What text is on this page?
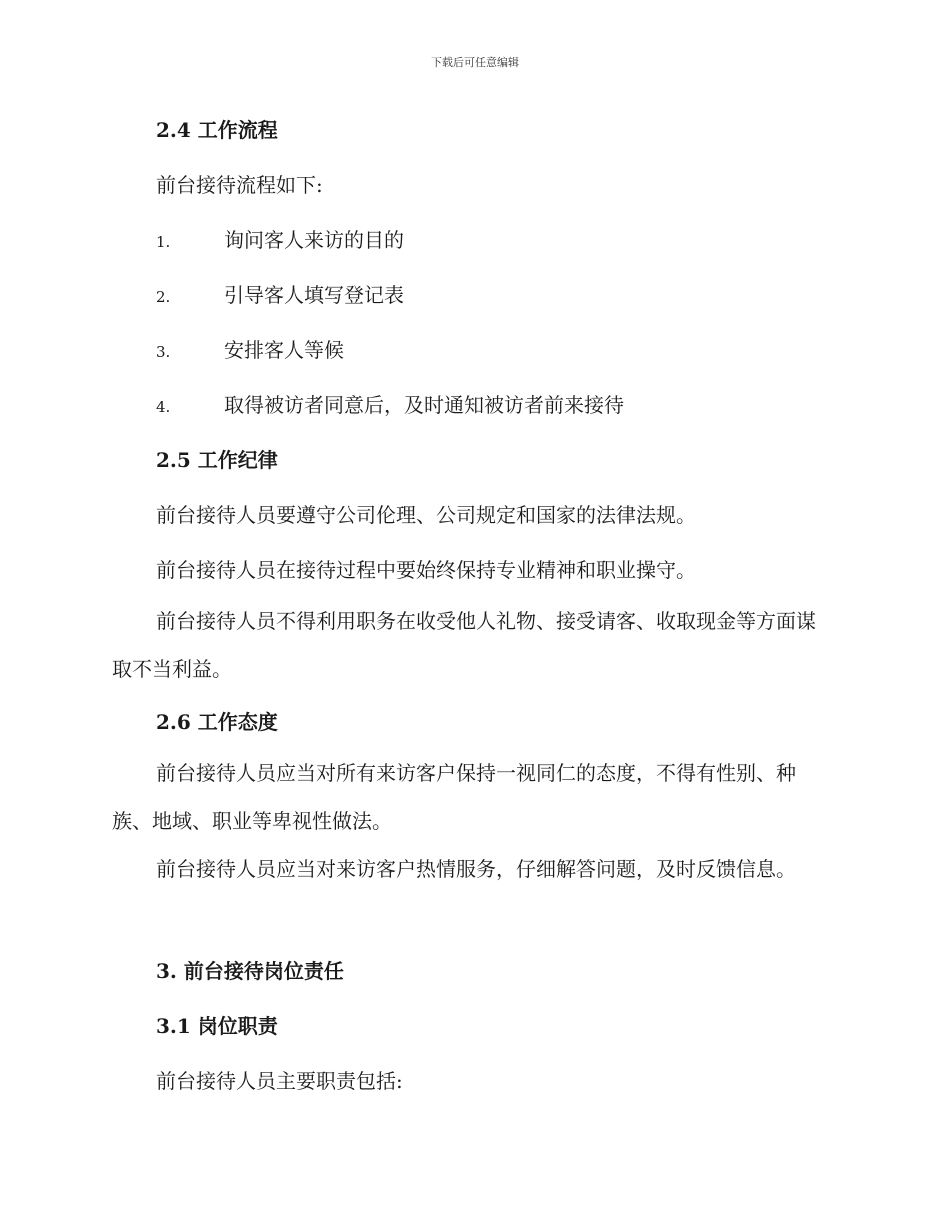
下载后可任意编辑
2.4 工作流程
前台接待流程如下:
1.	询问客人来访的目的
2.	引导客人填写登记表
3.	安排客人等候
4.	取得被访者同意后，及时通知被访者前来接待
2.5 工作纪律
前台接待人员要遵守公司伦理、公司规定和国家的法律法规。
前台接待人员在接待过程中要始终保持专业精神和职业操守。
前台接待人员不得利用职务在收受他人礼物、接受请客、收取现金等方面谋取不当利益。
2.6 工作态度
前台接待人员应当对所有来访客户保持一视同仁的态度，不得有性别、种族、地域、职业等卑视性做法。
前台接待人员应当对来访客户热情服务，仔细解答问题，及时反馈信息。
3. 前台接待岗位责任
3.1 岗位职责
前台接待人员主要职责包括:
